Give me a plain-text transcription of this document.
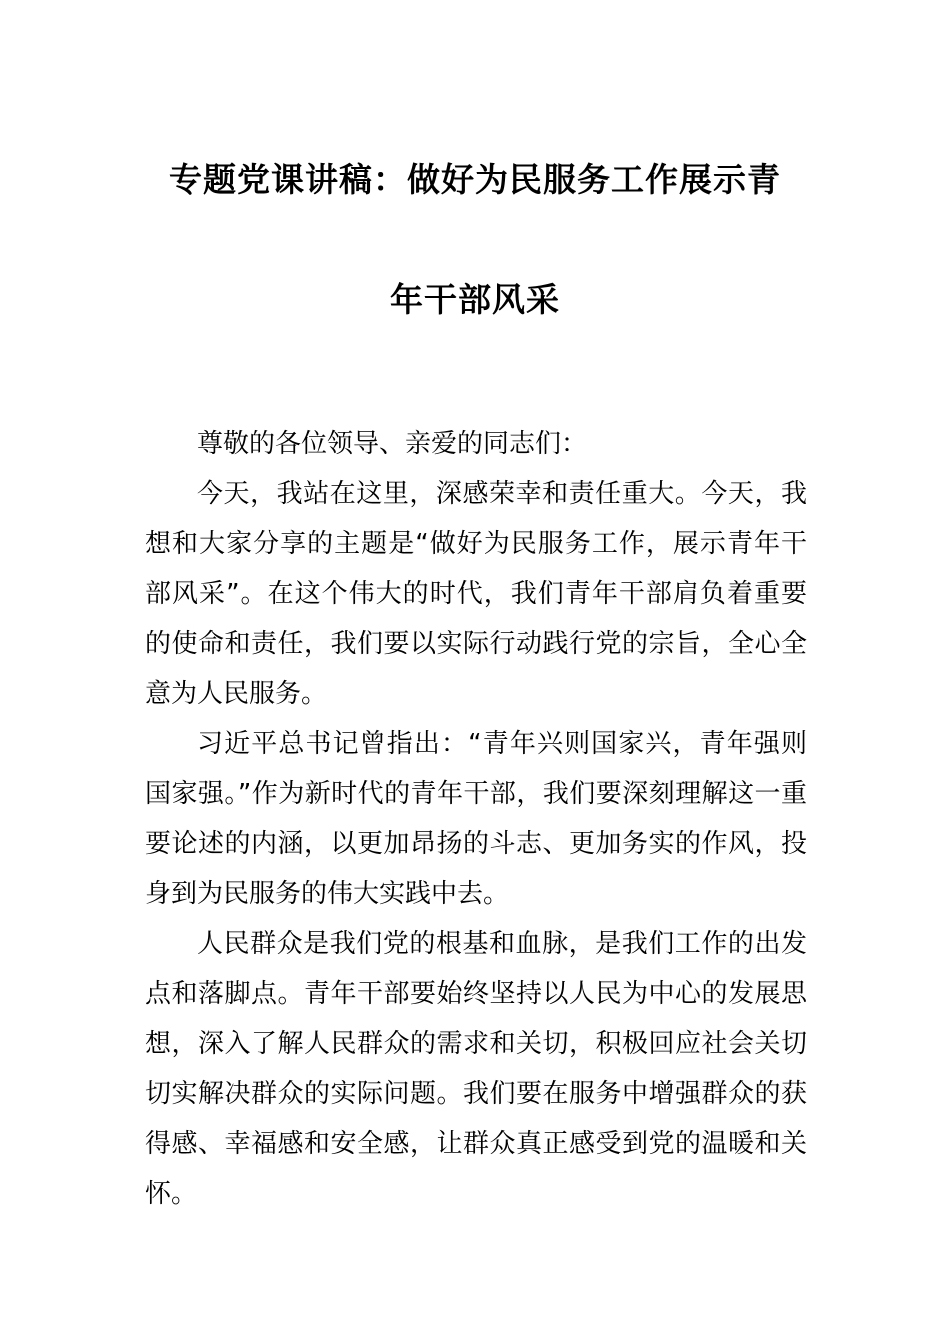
专题党课讲稿：做好为民服务工作展示青
年干部风采

尊敬的各位领导、亲爱的同志们：

今天，我站在这里，深感荣幸和责任重大。今天，我想和大家分享的主题是“做好为民服务工作，展示青年干部风采”。在这个伟大的时代，我们青年干部肩负着重要的使命和责任，我们要以实际行动践行党的宗旨，全心全意为人民服务。

习近平总书记曾指出：“青年兴则国家兴，青年强则国家强。”作为新时代的青年干部，我们要深刻理解这一重要论述的内涵，以更加昂扬的斗志、更加务实的作风，投身到为民服务的伟大实践中去。

人民群众是我们党的根基和血脉，是我们工作的出发点和落脚点。青年干部要始终坚持以人民为中心的发展思想，深入了解人民群众的需求和关切，积极回应社会关切切实解决群众的实际问题。我们要在服务中增强群众的获得感、幸福感和安全感，让群众真正感受到党的温暖和关怀。
